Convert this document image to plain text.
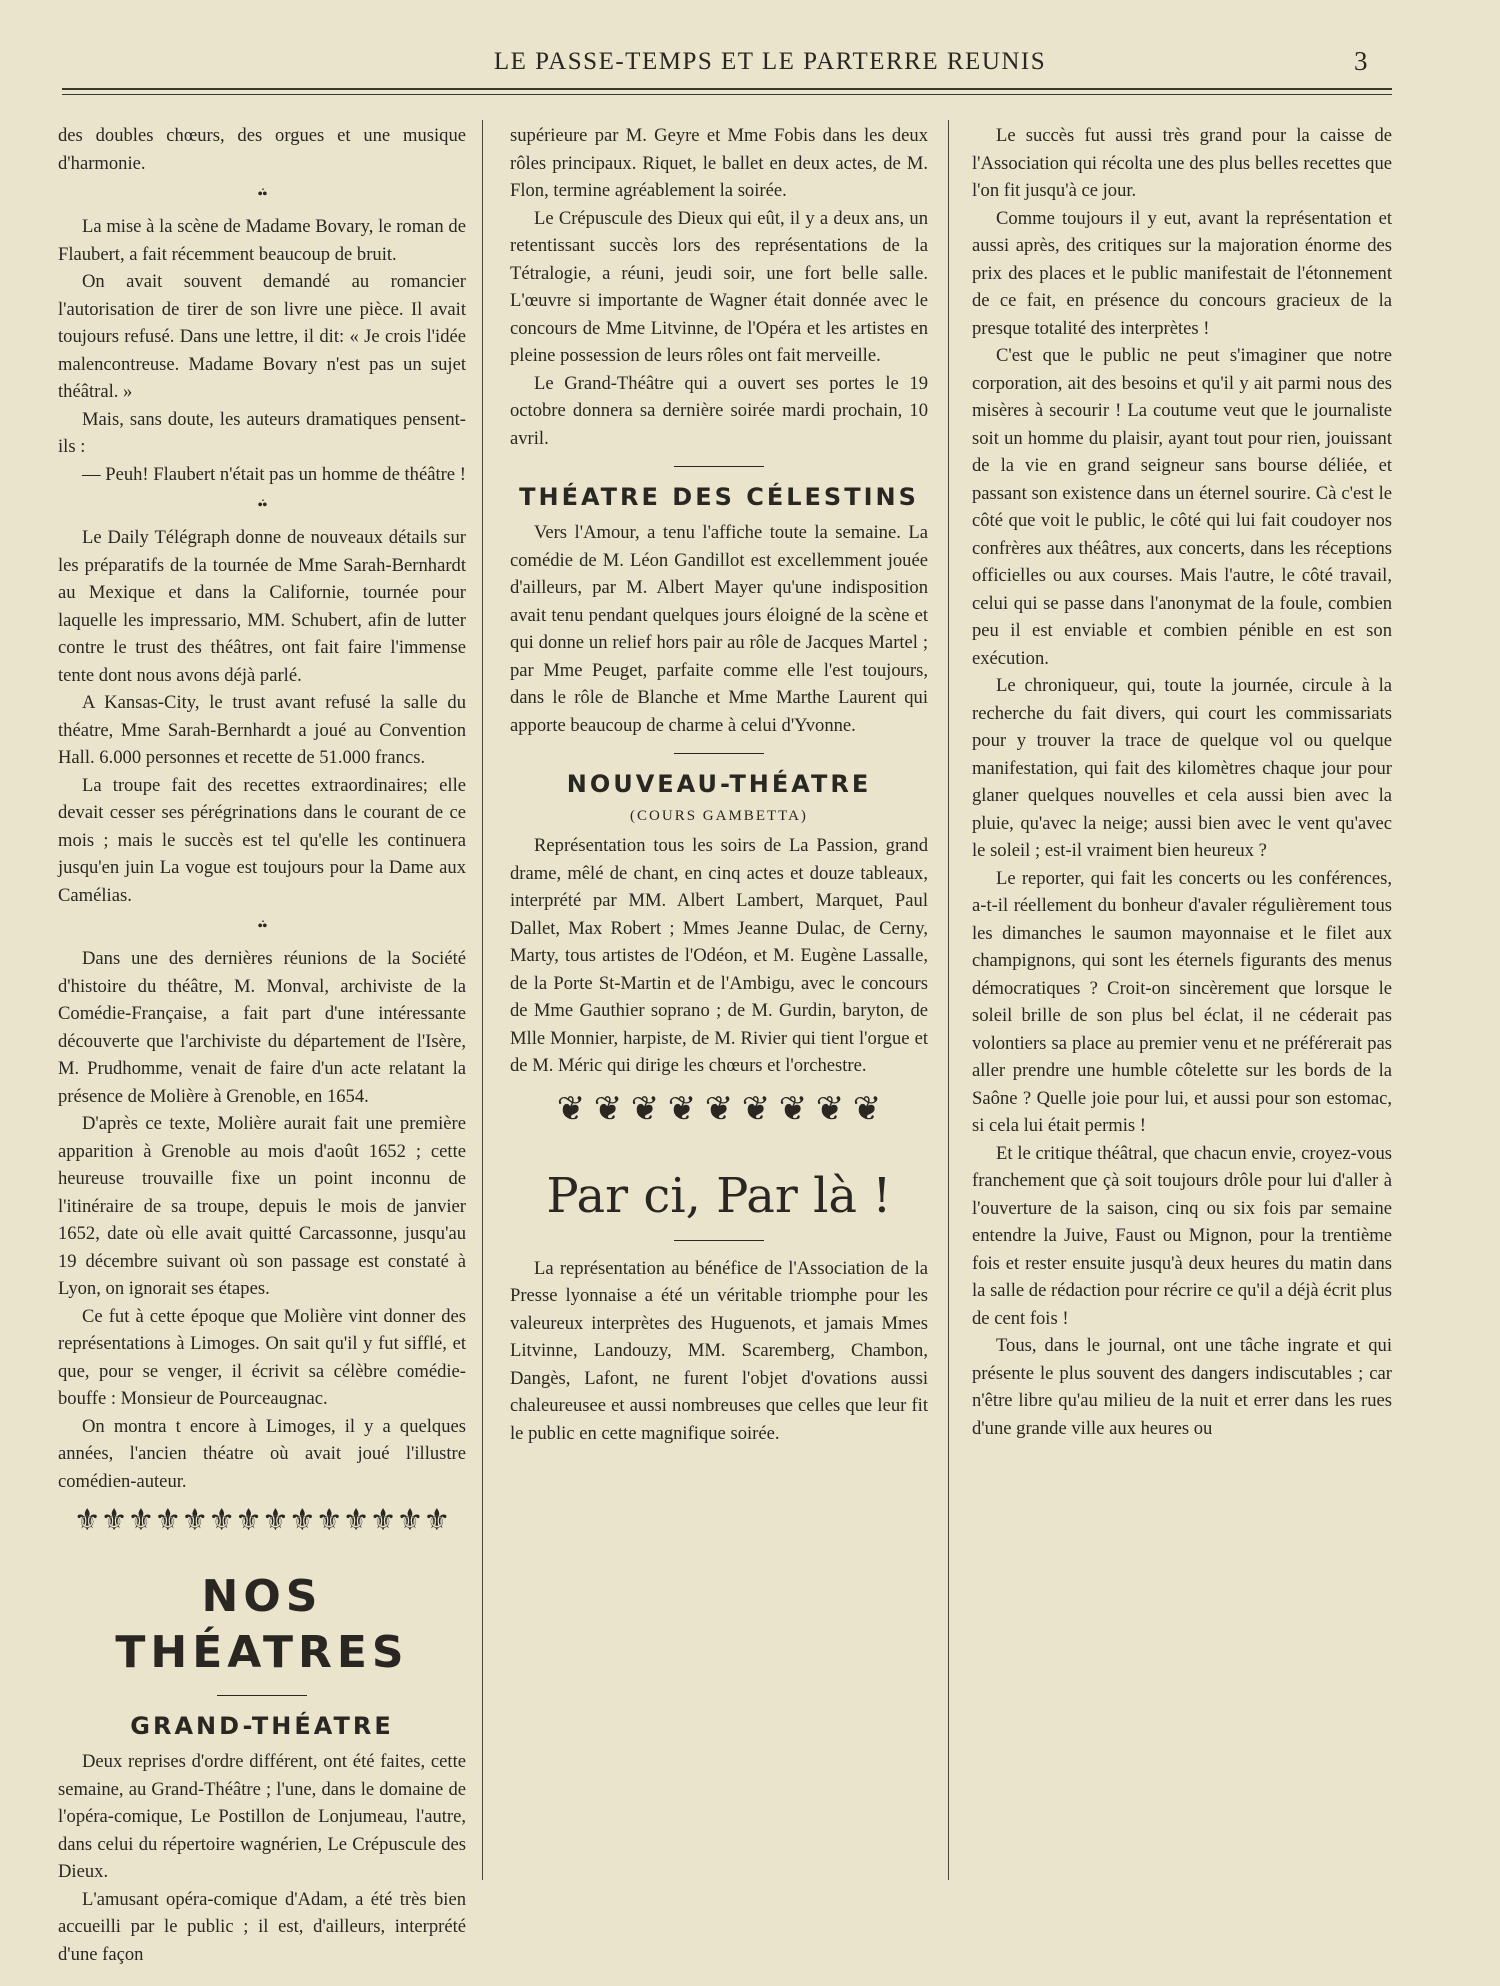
LE PASSE-TEMPS ET LE PARTERRE REUNIS	3

des doubles chœurs, des orgues et une musique d'harmonie.

•̇•

La mise à la scène de Madame Bovary, le roman de Flaubert, a fait récemment beaucoup de bruit.

On avait souvent demandé au romancier l'autorisation de tirer de son livre une pièce. Il avait toujours refusé. Dans une lettre, il dit: « Je crois l'idée malencontreuse. Madame Bovary n'est pas un sujet théâtral. »

Mais, sans doute, les auteurs dramatiques pensent-ils :

— Peuh! Flaubert n'était pas un homme de théâtre !

•̇•

Le Daily Télégraph donne de nouveaux détails sur les préparatifs de la tournée de Mme Sarah-Bernhardt au Mexique et dans la Californie, tournée pour laquelle les impressario, MM. Schubert, afin de lutter contre le trust des théâtres, ont fait faire l'immense tente dont nous avons déjà parlé.

A Kansas-City, le trust avant refusé la salle du théatre, Mme Sarah-Bernhardt a joué au Convention Hall. 6.000 personnes et recette de 51.000 francs.

La troupe fait des recettes extraordinaires; elle devait cesser ses pérégrinations dans le courant de ce mois ; mais le succès est tel qu'elle les continuera jusqu'en juin La vogue est toujours pour la Dame aux Camélias.

•̇•

Dans une des dernières réunions de la Société d'histoire du théâtre, M. Monval, archiviste de la Comédie-Française, a fait part d'une intéressante découverte que l'archiviste du département de l'Isère, M. Prudhomme, venait de faire d'un acte relatant la présence de Molière à Grenoble, en 1654.

D'après ce texte, Molière aurait fait une première apparition à Grenoble au mois d'août 1652 ; cette heureuse trouvaille fixe un point inconnu de l'itinéraire de sa troupe, depuis le mois de janvier 1652, date où elle avait quitté Carcassonne, jusqu'au 19 décembre suivant où son passage est constaté à Lyon, on ignorait ses étapes.

Ce fut à cette époque que Molière vint donner des représentations à Limoges. On sait qu'il y fut sifflé, et que, pour se venger, il écrivit sa célèbre comédie-bouffe : Monsieur de Pourceaugnac.

On montra t encore à Limoges, il y a quelques années, l'ancien théatre où avait joué l'illustre comédien-auteur.

⚜⚜⚜⚜⚜⚜⚜⚜⚜⚜⚜⚜⚜⚜
NOS THÉATRES
GRAND-THÉATRE

Deux reprises d'ordre différent, ont été faites, cette semaine, au Grand-Théâtre ; l'une, dans le domaine de l'opéra-comique, Le Postillon de Lonjumeau, l'autre, dans celui du répertoire wagnérien, Le Crépuscule des Dieux.

L'amusant opéra-comique d'Adam, a été très bien accueilli par le public ; il est, d'ailleurs, interprété d'une façon

supérieure par M. Geyre et Mme Fobis dans les deux rôles principaux. Riquet, le ballet en deux actes, de M. Flon, termine agréablement la soirée.

Le Crépuscule des Dieux qui eût, il y a deux ans, un retentissant succès lors des représentations de la Tétralogie, a réuni, jeudi soir, une fort belle salle. L'œuvre si importante de Wagner était donnée avec le concours de Mme Litvinne, de l'Opéra et les artistes en pleine possession de leurs rôles ont fait merveille.

Le Grand-Théâtre qui a ouvert ses portes le 19 octobre donnera sa dernière soirée mardi prochain, 10 avril.

THÉATRE DES CÉLESTINS

Vers l'Amour, a tenu l'affiche toute la semaine. La comédie de M. Léon Gandillot est excellemment jouée d'ailleurs, par M. Albert Mayer qu'une indisposition avait tenu pendant quelques jours éloigné de la scène et qui donne un relief hors pair au rôle de Jacques Martel ; par Mme Peuget, parfaite comme elle l'est toujours, dans le rôle de Blanche et Mme Marthe Laurent qui apporte beaucoup de charme à celui d'Yvonne.

NOUVEAU-THÉATRE
(COURS GAMBETTA)

Représentation tous les soirs de La Passion, grand drame, mêlé de chant, en cinq actes et douze tableaux, interprété par MM. Albert Lambert, Marquet, Paul Dallet, Max Robert ; Mmes Jeanne Dulac, de Cerny, Marty, tous artistes de l'Odéon, et M. Eugène Lassalle, de la Porte St-Martin et de l'Ambigu, avec le concours de Mme Gauthier soprano ; de M. Gurdin, baryton, de Mlle Monnier, harpiste, de M. Rivier qui tient l'orgue et de M. Méric qui dirige les chœurs et l'orchestre.

❦ ❦ ❦ ❦ ❦ ❦ ❦ ❦ ❦
Par ci, Par là !

La représentation au bénéfice de l'Association de la Presse lyonnaise a été un véritable triomphe pour les valeureux interprètes des Huguenots, et jamais Mmes Litvinne, Landouzy, MM. Scaremberg, Chambon, Dangès, Lafont, ne furent l'objet d'ovations aussi chaleureusee et aussi nombreuses que celles que leur fit le public en cette magnifique soirée.

Le succès fut aussi très grand pour la caisse de l'Association qui récolta une des plus belles recettes que l'on fit jusqu'à ce jour.

Comme toujours il y eut, avant la représentation et aussi après, des critiques sur la majoration énorme des prix des places et le public manifestait de l'étonnement de ce fait, en présence du concours gracieux de la presque totalité des interprètes !

C'est que le public ne peut s'imaginer que notre corporation, ait des besoins et qu'il y ait parmi nous des misères à secourir ! La coutume veut que le journaliste soit un homme du plaisir, ayant tout pour rien, jouissant de la vie en grand seigneur sans bourse déliée, et passant son existence dans un éternel sourire. Cà c'est le côté que voit le public, le côté qui lui fait coudoyer nos confrères aux théâtres, aux concerts, dans les réceptions officielles ou aux courses. Mais l'autre, le côté travail, celui qui se passe dans l'anonymat de la foule, combien peu il est enviable et combien pénible en est son exécution.

Le chroniqueur, qui, toute la journée, circule à la recherche du fait divers, qui court les commissariats pour y trouver la trace de quelque vol ou quelque manifestation, qui fait des kilomètres chaque jour pour glaner quelques nouvelles et cela aussi bien avec la pluie, qu'avec la neige; aussi bien avec le vent qu'avec le soleil ; est-il vraiment bien heureux ?

Le reporter, qui fait les concerts ou les conférences, a-t-il réellement du bonheur d'avaler régulièrement tous les dimanches le saumon mayonnaise et le filet aux champignons, qui sont les éternels figurants des menus démocratiques ? Croit-on sincèrement que lorsque le soleil brille de son plus bel éclat, il ne céderait pas volontiers sa place au premier venu et ne préférerait pas aller prendre une humble côtelette sur les bords de la Saône ? Quelle joie pour lui, et aussi pour son estomac, si cela lui était permis !

Et le critique théâtral, que chacun envie, croyez-vous franchement que çà soit toujours drôle pour lui d'aller à l'ouverture de la saison, cinq ou six fois par semaine entendre la Juive, Faust ou Mignon, pour la trentième fois et rester ensuite jusqu'à deux heures du matin dans la salle de rédaction pour récrire ce qu'il a déjà écrit plus de cent fois !

Tous, dans le journal, ont une tâche ingrate et qui présente le plus souvent des dangers indiscutables ; car n'être libre qu'au milieu de la nuit et errer dans les rues d'une grande ville aux heures ou
